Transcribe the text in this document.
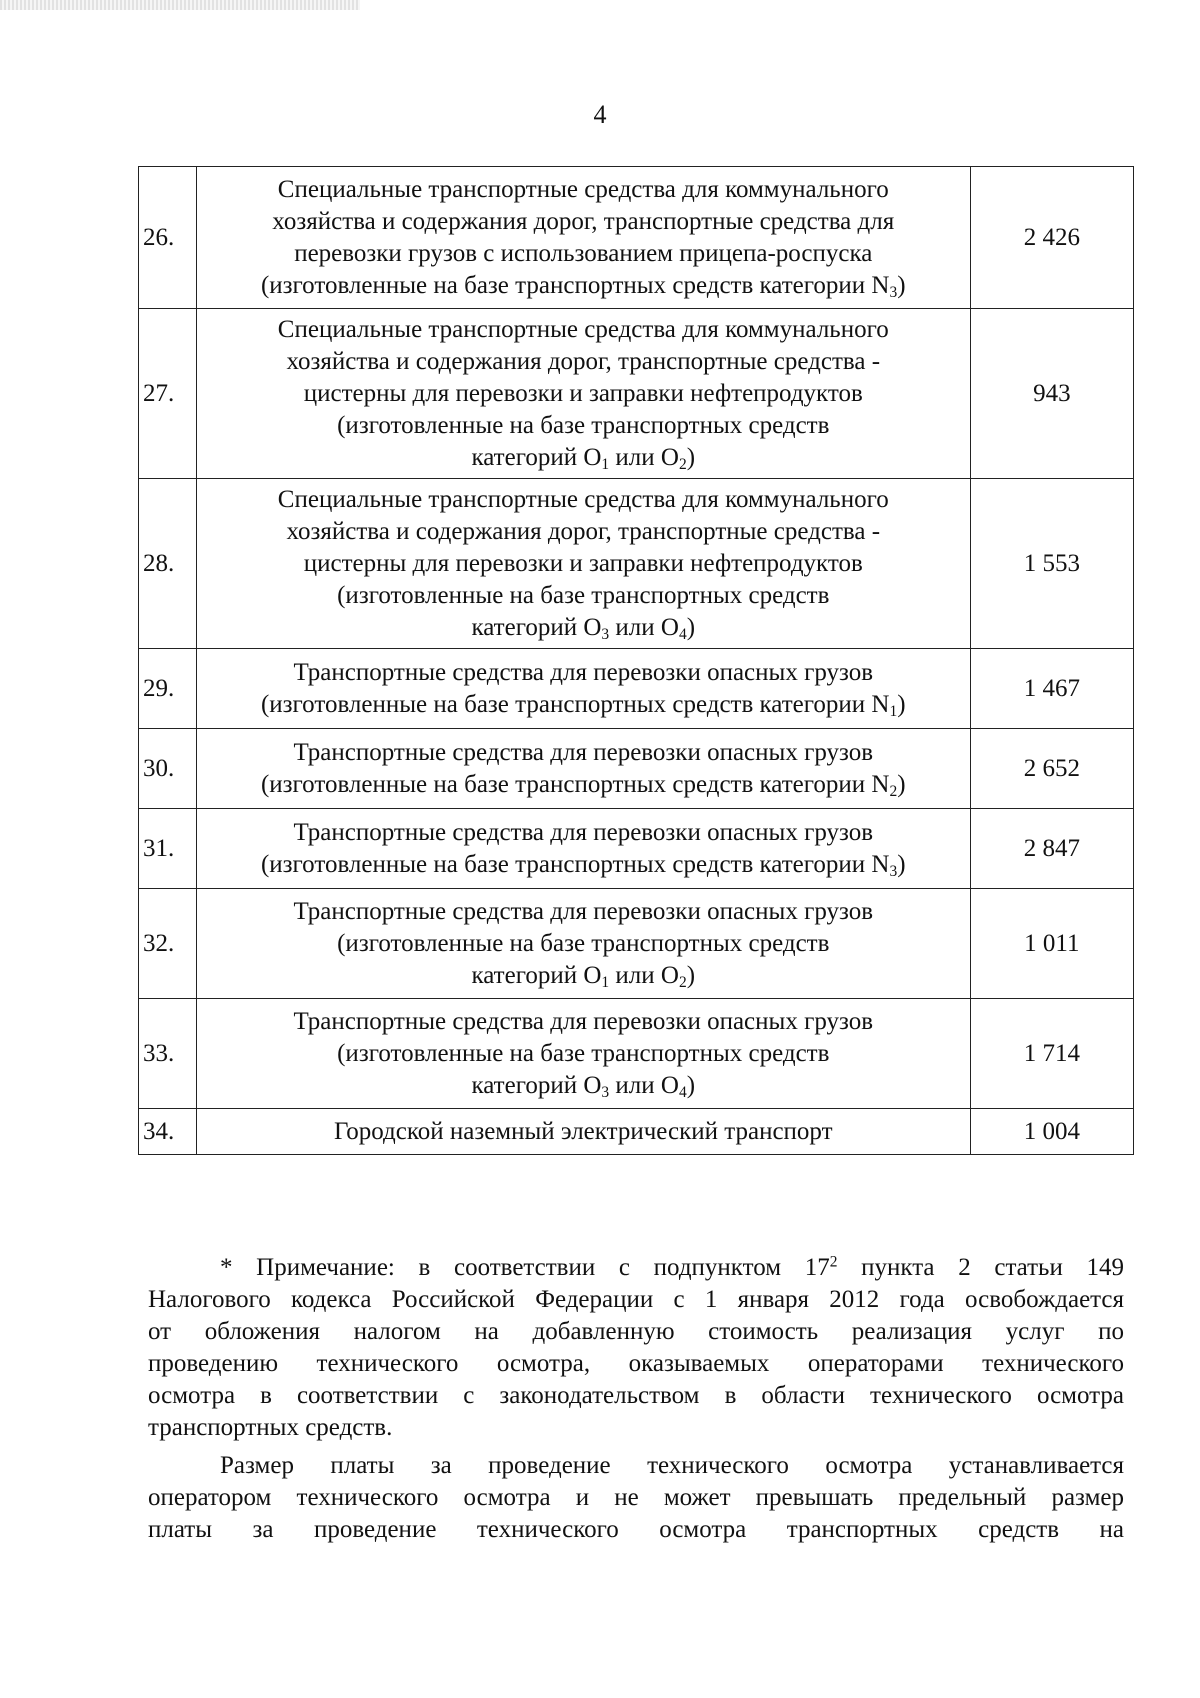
4
26.	Специальные транспортные средства для коммунального
хозяйства и содержания дорог, транспортные средства для
перевозки грузов с использованием прицепа-роспуска
(изготовленные на базе транспортных средств категории $N_3$)	2 426
27.	Специальные транспортные средства для коммунального
хозяйства и содержания дорог, транспортные средства -
цистерны для перевозки и заправки нефтепродуктов
(изготовленные на базе транспортных средств
категорий $O_1$ или $O_2$)	943
28.	Специальные транспортные средства для коммунального
хозяйства и содержания дорог, транспортные средства -
цистерны для перевозки и заправки нефтепродуктов
(изготовленные на базе транспортных средств
категорий $O_3$ или $O_4$)	1 553
29.	Транспортные средства для перевозки опасных грузов
(изготовленные на базе транспортных средств категории $N_1$)	1 467
30.	Транспортные средства для перевозки опасных грузов
(изготовленные на базе транспортных средств категории $N_2$)	2 652
31.	Транспортные средства для перевозки опасных грузов
(изготовленные на базе транспортных средств категории $N_3$)	2 847
32.	Транспортные средства для перевозки опасных грузов
(изготовленные на базе транспортных средств
категорий $O_1$ или $O_2$)	1 011
33.	Транспортные средства для перевозки опасных грузов
(изготовленные на базе транспортных средств
категорий $O_3$ или $O_4$)	1 714
34.	Городской наземный электрический транспорт	1 004
* Примечание: в соответствии с подпунктом $17^2$ пункта 2 статьи 149
Налогового кодекса Российской Федерации с 1 января 2012 года освобождается
от обложения налогом на добавленную стоимость реализация услуг по
проведению технического осмотра, оказываемых операторами технического
осмотра в соответствии с законодательством в области технического осмотра
транспортных средств.
Размер платы за проведение технического осмотра устанавливается
оператором технического осмотра и не может превышать предельный размер
платы за проведение технического осмотра транспортных средств на
